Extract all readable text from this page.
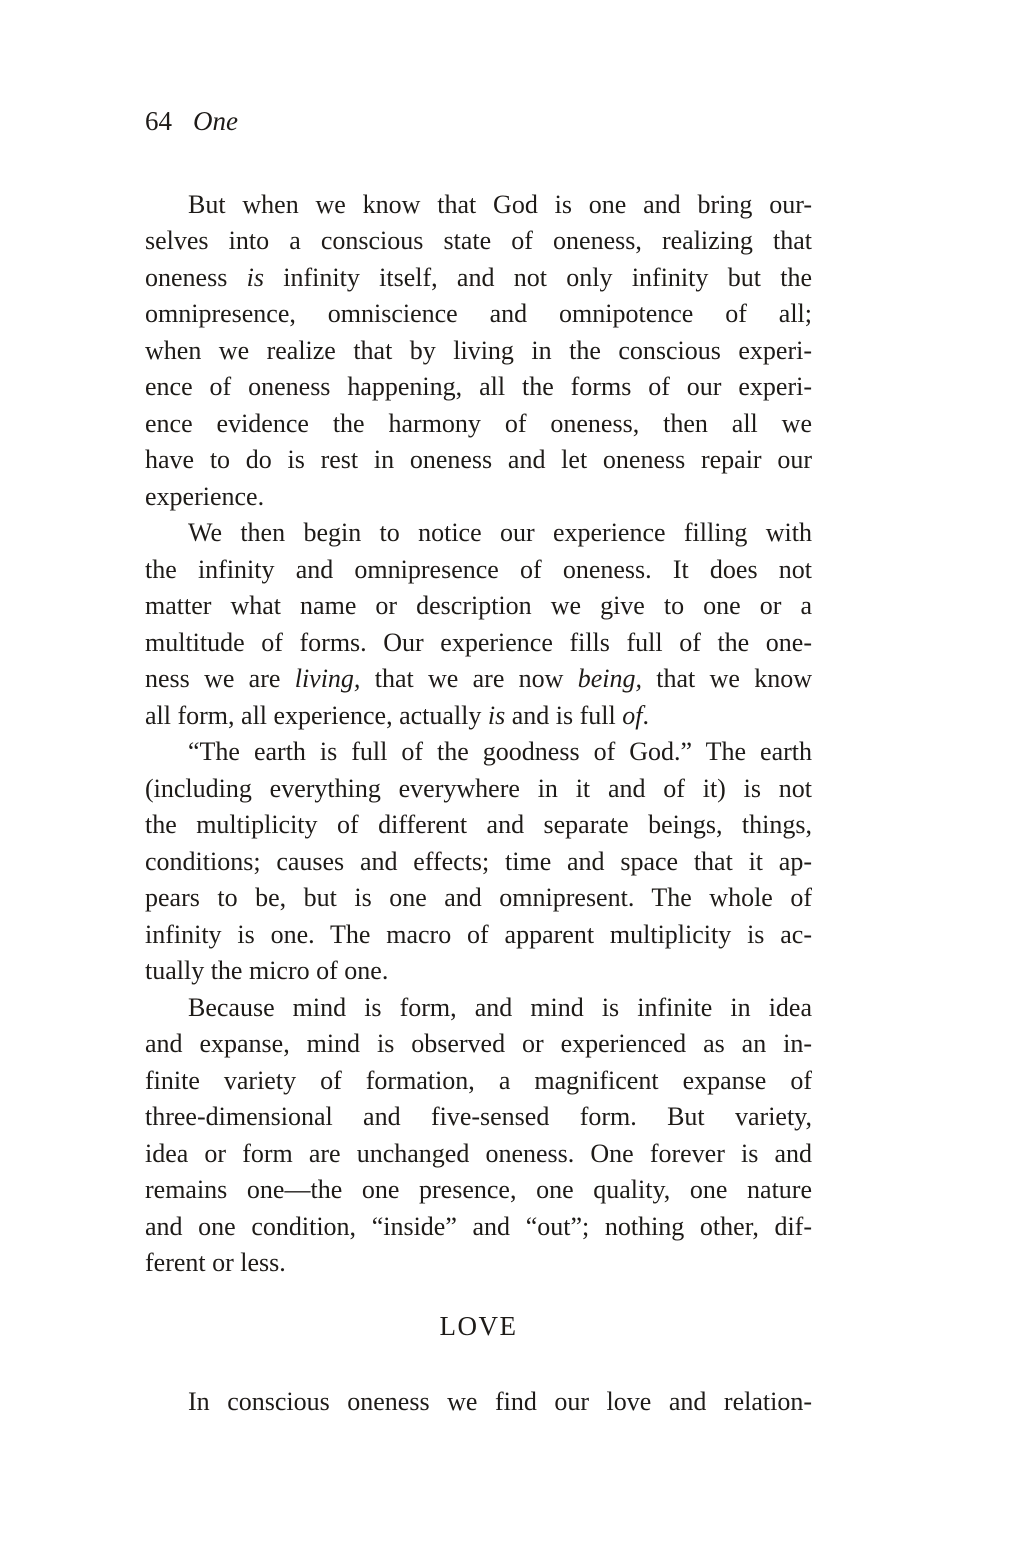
64 One
But when we know that God is one and bring our-
selves into a conscious state of oneness, realizing that
oneness is infinity itself, and not only infinity but the
omnipresence, omniscience and omnipotence of all;
when we realize that by living in the conscious experi-
ence of oneness happening, all the forms of our experi-
ence evidence the harmony of oneness, then all we
have to do is rest in oneness and let oneness repair our
experience.
We then begin to notice our experience filling with
the infinity and omnipresence of oneness. It does not
matter what name or description we give to one or a
multitude of forms. Our experience fills full of the one-
ness we are living, that we are now being, that we know
all form, all experience, actually is and is full of.
“The earth is full of the goodness of God.” The earth
(including everything everywhere in it and of it) is not
the multiplicity of different and separate beings, things,
conditions; causes and effects; time and space that it ap-
pears to be, but is one and omnipresent. The whole of
infinity is one. The macro of apparent multiplicity is ac-
tually the micro of one.
Because mind is form, and mind is infinite in idea
and expanse, mind is observed or experienced as an in-
finite variety of formation, a magnificent expanse of
three-dimensional and five-sensed form. But variety,
idea or form are unchanged oneness. One forever is and
remains one—the one presence, one quality, one nature
and one condition, “inside” and “out”; nothing other, dif-
ferent or less.
LOVE
In conscious oneness we find our love and relation-
